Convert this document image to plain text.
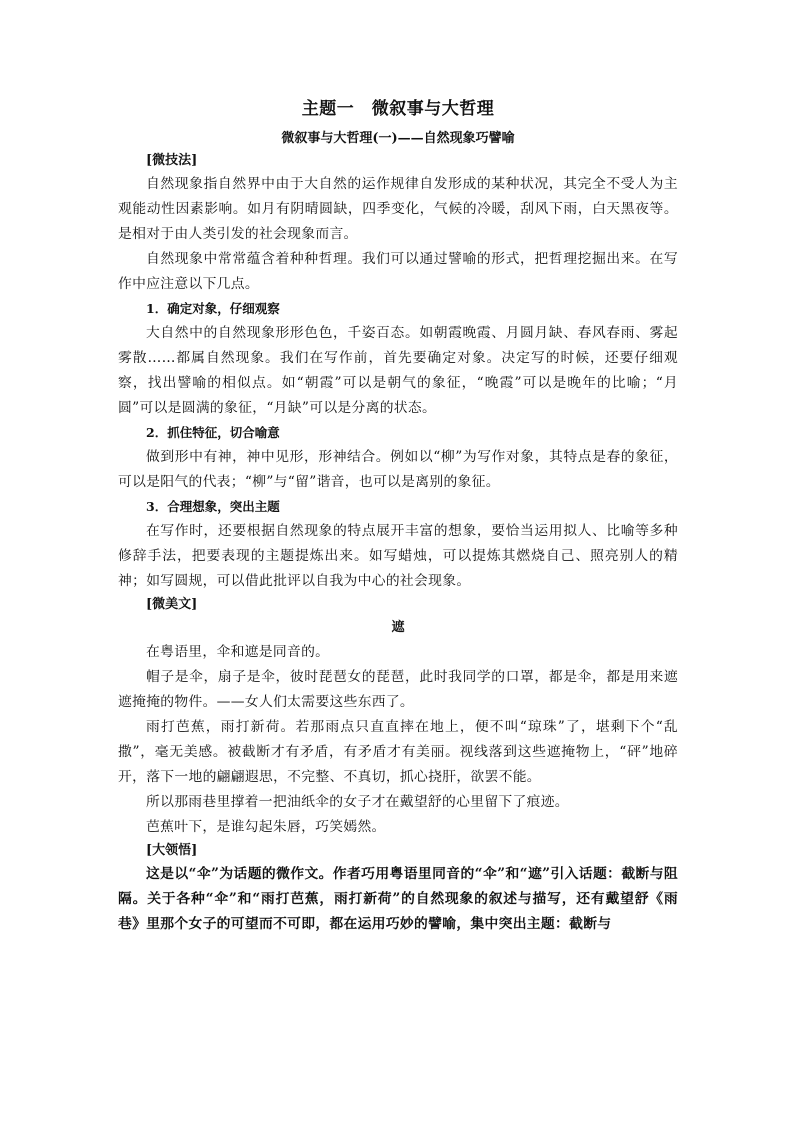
主题一　微叙事与大哲理
微叙事与大哲理(一)——自然现象巧譬喻
[微技法]

自然现象指自然界中由于大自然的运作规律自发形成的某种状况，其完全不受人为主观能动性因素影响。如月有阴晴圆缺，四季变化，气候的冷暖，刮风下雨，白天黑夜等。是相对于由人类引发的社会现象而言。

自然现象中常常蕴含着种种哲理。我们可以通过譬喻的形式，把哲理挖掘出来。在写作中应注意以下几点。

1．确定对象，仔细观察

大自然中的自然现象形形色色，千姿百态。如朝霞晚霞、月圆月缺、春风春雨、雾起雾散……都属自然现象。我们在写作前，首先要确定对象。决定写的时候，还要仔细观察，找出譬喻的相似点。如“朝霞”可以是朝气的象征，“晚霞”可以是晚年的比喻；“月圆”可以是圆满的象征，“月缺”可以是分离的状态。

2．抓住特征，切合喻意

做到形中有神，神中见形，形神结合。例如以“柳”为写作对象，其特点是春的象征，可以是阳气的代表；“柳”与“留”谐音，也可以是离别的象征。

3．合理想象，突出主题

在写作时，还要根据自然现象的特点展开丰富的想象，要恰当运用拟人、比喻等多种修辞手法，把要表现的主题提炼出来。如写蜡烛，可以提炼其燃烧自己、照亮别人的精神；如写圆规，可以借此批评以自我为中心的社会现象。

[微美文]
遮

在粤语里，伞和遮是同音的。

帽子是伞，扇子是伞，彼时琵琶女的琵琶，此时我同学的口罩，都是伞，都是用来遮遮掩掩的物件。——女人们太需要这些东西了。

雨打芭蕉，雨打新荷。若那雨点只直直摔在地上，便不叫“琼珠”了，堪剩下个“乱撒”，毫无美感。被截断才有矛盾，有矛盾才有美丽。视线落到这些遮掩物上，“砰”地碎开，落下一地的翩翩遐思，不完整、不真切，抓心挠肝，欲罢不能。

所以那雨巷里撑着一把油纸伞的女子才在戴望舒的心里留下了痕迹。

芭蕉叶下，是谁勾起朱唇，巧笑嫣然。

[大领悟]

这是以“伞”为话题的微作文。作者巧用粤语里同音的“伞”和“遮”引入话题：截断与阻隔。关于各种“伞”和“雨打芭蕉，雨打新荷”的自然现象的叙述与描写，还有戴望舒《雨巷》里那个女子的可望而不可即，都在运用巧妙的譬喻，集中突出主题：截断与
